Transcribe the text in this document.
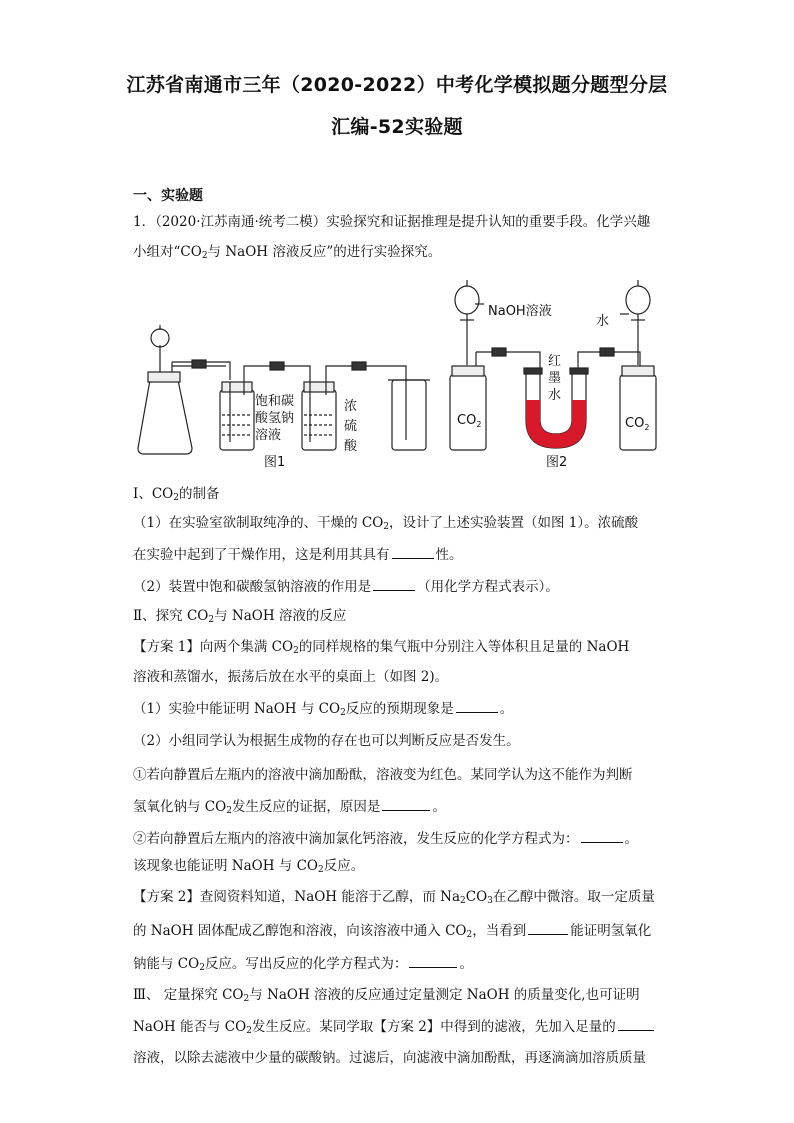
江苏省南通市三年（2020-2022）中考化学模拟题分题型分层
汇编-52实验题
一、实验题
1．（2020·江苏南通·统考二模）实验探究和证据推理是提升认知的重要手段。化学兴趣
小组对“$CO_2$与 NaOH 溶液反应”的进行实验探究。
饱和碳
酸氢钠
溶液
浓
硫
酸
图1
NaOH溶液
水
红
墨
水
$CO_2$	$CO_2$
图2
Ⅰ、$CO_2$的制备
（1）在实验室欲制取纯净的、干燥的 $CO_2$，设计了上述实验装置（如图 1）。浓硫酸
在实验中起到了干燥作用，这是利用其具有	性。
（2）装置中饱和碳酸氢钠溶液的作用是	（用化学方程式表示）。
Ⅱ、探究 $CO_2$与 NaOH 溶液的反应
【方案 1】向两个集满 $CO_2$的同样规格的集气瓶中分别注入等体积且足量的 NaOH
溶液和蒸馏水，振荡后放在水平的桌面上（如图 2)。
（1）实验中能证明 NaOH 与 $CO_2$反应的预期现象是	。
（2）小组同学认为根据生成物的存在也可以判断反应是否发生。
①若向静置后左瓶内的溶液中滴加酚酞，溶液变为红色。某同学认为这不能作为判断
氢氧化钠与 $CO_2$发生反应的证据，原因是	。
②若向静置后左瓶内的溶液中滴加氯化钙溶液，发生反应的化学方程式为：	。
该现象也能证明 NaOH 与 $CO_2$反应。
【方案 2】查阅资料知道，NaOH 能溶于乙醇，而 $Na_2CO_3$在乙醇中微溶。取一定质量
的 NaOH 固体配成乙醇饱和溶液，向该溶液中通入 $CO_2$，当看到	能证明氢氧化
钠能与 $CO_2$反应。写出反应的化学方程式为：	。
Ⅲ、 定量探究 $CO_2$与 NaOH 溶液的反应通过定量测定 NaOH 的质量变化,也可证明
NaOH 能否与 $CO_2$发生反应。某同学取【方案 2】中得到的滤液，先加入足量的
溶液，以除去滤液中少量的碳酸钠。过滤后，向滤液中滴加酚酞，再逐滴滴加溶质质量
